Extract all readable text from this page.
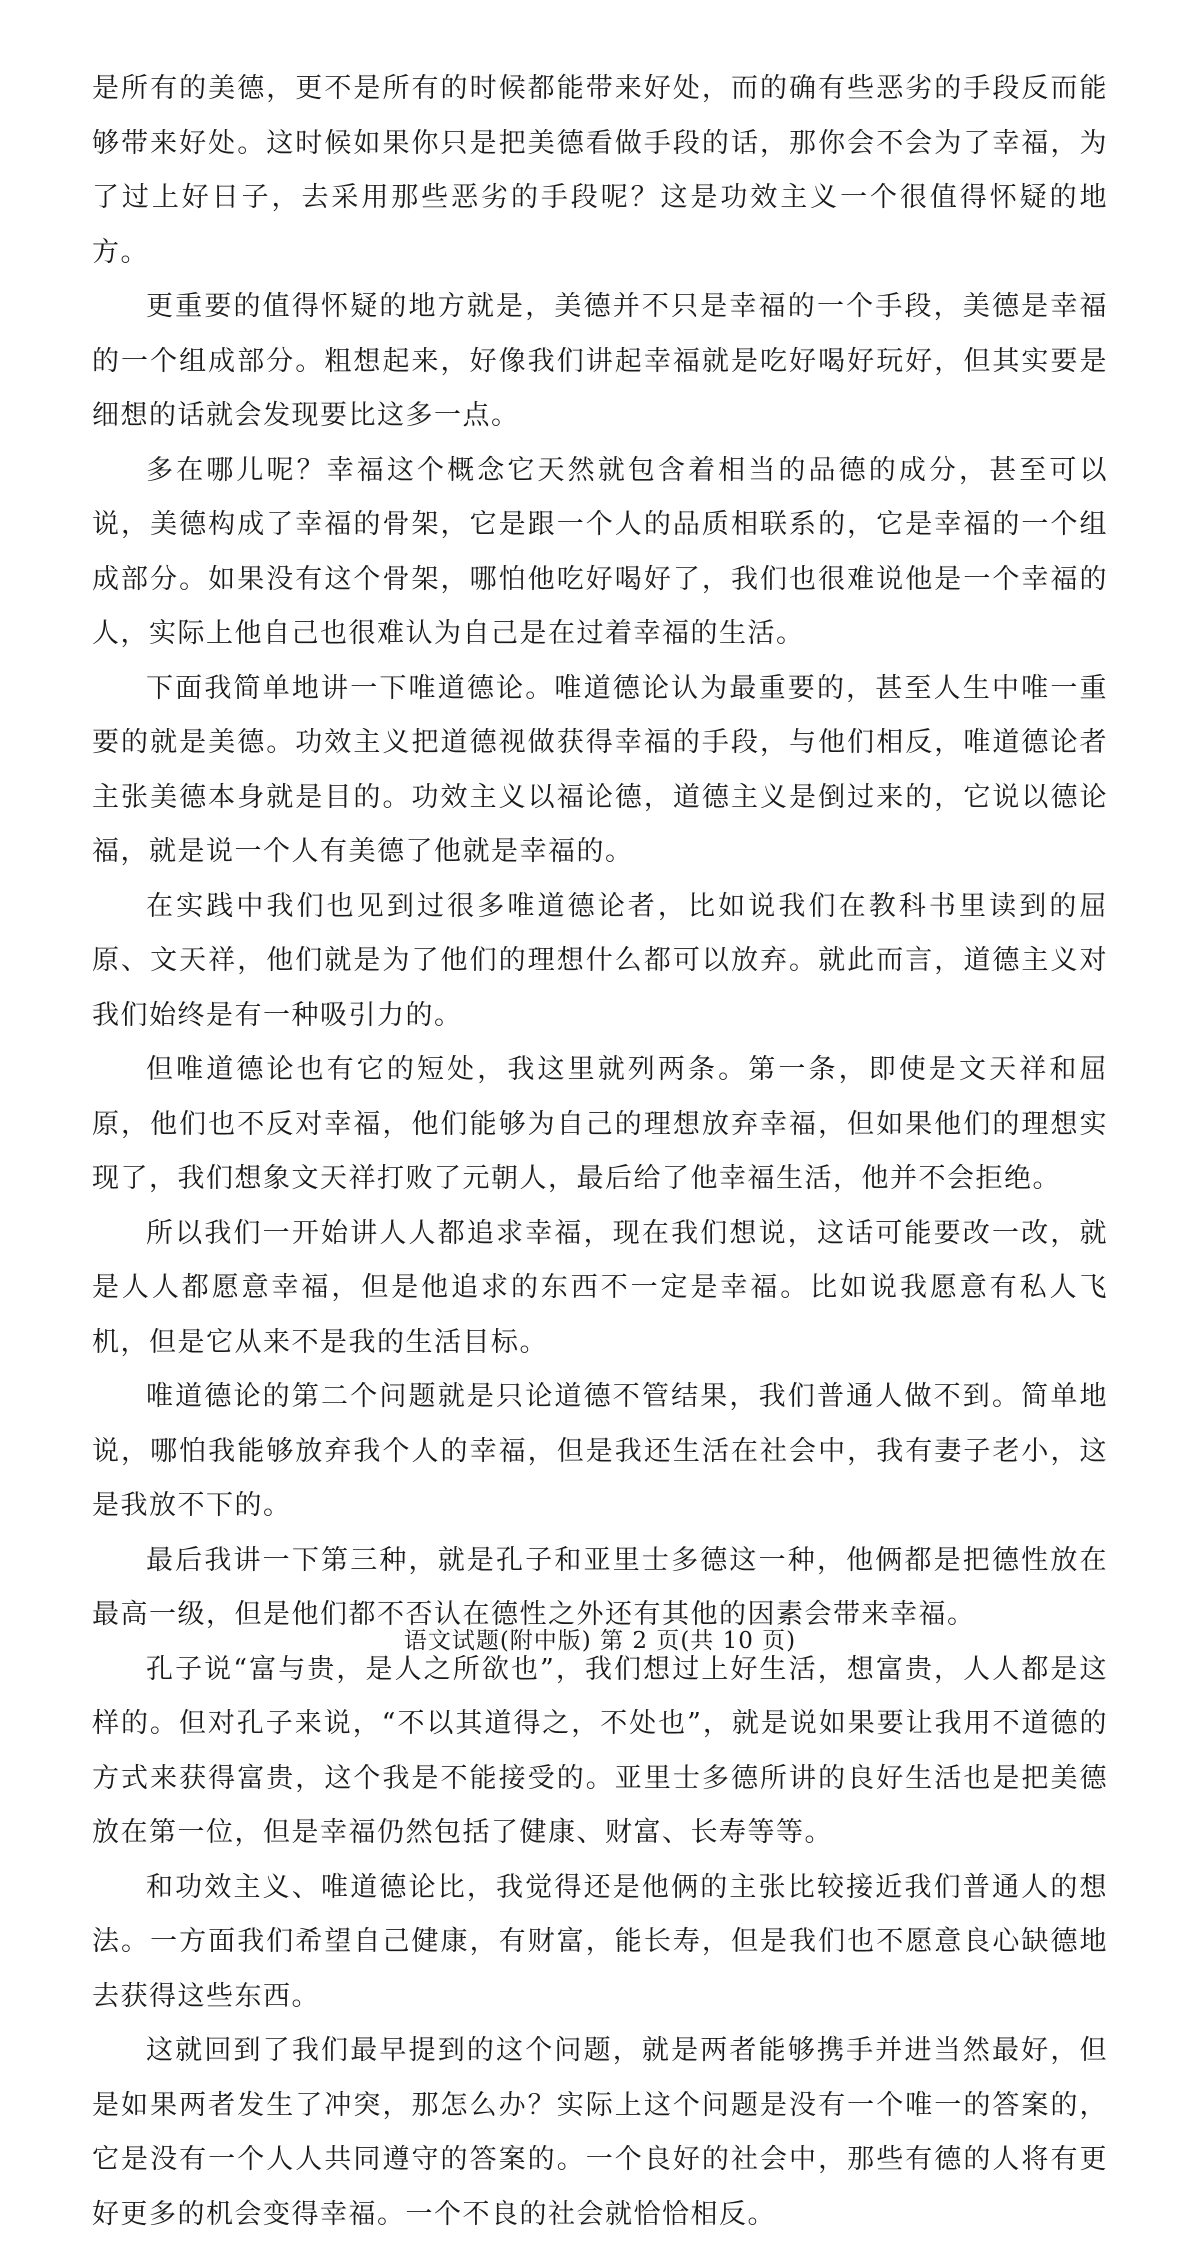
是所有的美德，更不是所有的时候都能带来好处，而的确有些恶劣的手段反而能够带来好处。这时候如果你只是把美德看做手段的话，那你会不会为了幸福，为了过上好日子，去采用那些恶劣的手段呢？这是功效主义一个很值得怀疑的地方。

更重要的值得怀疑的地方就是，美德并不只是幸福的一个手段，美德是幸福的一个组成部分。粗想起来，好像我们讲起幸福就是吃好喝好玩好，但其实要是细想的话就会发现要比这多一点。

多在哪儿呢？幸福这个概念它天然就包含着相当的品德的成分，甚至可以说，美德构成了幸福的骨架，它是跟一个人的品质相联系的，它是幸福的一个组成部分。如果没有这个骨架，哪怕他吃好喝好了，我们也很难说他是一个幸福的人，实际上他自己也很难认为自己是在过着幸福的生活。

下面我简单地讲一下唯道德论。唯道德论认为最重要的，甚至人生中唯一重要的就是美德。功效主义把道德视做获得幸福的手段，与他们相反，唯道德论者主张美德本身就是目的。功效主义以福论德，道德主义是倒过来的，它说以德论福，就是说一个人有美德了他就是幸福的。

在实践中我们也见到过很多唯道德论者，比如说我们在教科书里读到的屈原、文天祥，他们就是为了他们的理想什么都可以放弃。就此而言，道德主义对我们始终是有一种吸引力的。

但唯道德论也有它的短处，我这里就列两条。第一条，即使是文天祥和屈原，他们也不反对幸福，他们能够为自己的理想放弃幸福，但如果他们的理想实现了，我们想象文天祥打败了元朝人，最后给了他幸福生活，他并不会拒绝。

所以我们一开始讲人人都追求幸福，现在我们想说，这话可能要改一改，就是人人都愿意幸福，但是他追求的东西不一定是幸福。比如说我愿意有私人飞机，但是它从来不是我的生活目标。

唯道德论的第二个问题就是只论道德不管结果，我们普通人做不到。简单地说，哪怕我能够放弃我个人的幸福，但是我还生活在社会中，我有妻子老小，这是我放不下的。

最后我讲一下第三种，就是孔子和亚里士多德这一种，他俩都是把德性放在最高一级，但是他们都不否认在德性之外还有其他的因素会带来幸福。

孔子说“富与贵，是人之所欲也”，我们想过上好生活，想富贵，人人都是这样的。但对孔子来说，“不以其道得之，不处也”，就是说如果要让我用不道德的方式来获得富贵，这个我是不能接受的。亚里士多德所讲的良好生活也是把美德放在第一位，但是幸福仍然包括了健康、财富、长寿等等。

和功效主义、唯道德论比，我觉得还是他俩的主张比较接近我们普通人的想法。一方面我们希望自己健康，有财富，能长寿，但是我们也不愿意良心缺德地去获得这些东西。

这就回到了我们最早提到的这个问题，就是两者能够携手并进当然最好，但是如果两者发生了冲突，那怎么办？实际上这个问题是没有一个唯一的答案的，它是没有一个人人共同遵守的答案的。一个良好的社会中，那些有德的人将有更好更多的机会变得幸福。一个不良的社会就恰恰相反。

语文试题(附中版) 第 2 页(共 10 页)
